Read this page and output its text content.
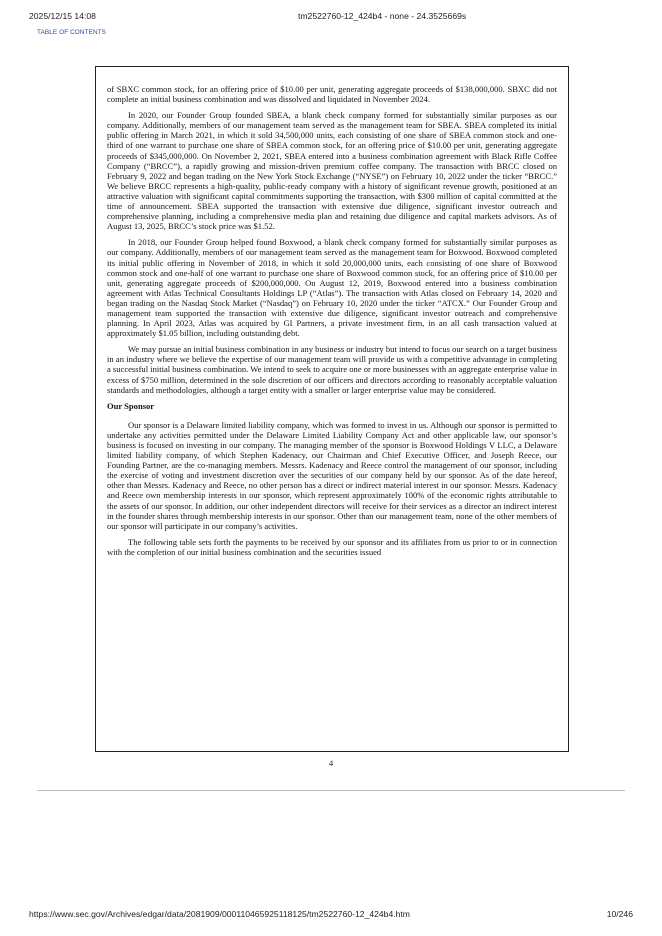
2025/12/15 14:08	tm2522760-12_424b4 - none - 24.3525669s
TABLE OF CONTENTS

of SBXC common stock, for an offering price of $10.00 per unit, generating aggregate proceeds of $138,000,000. SBXC did not complete an initial business combination and was dissolved and liquidated in November 2024.

In 2020, our Founder Group founded SBEA, a blank check company formed for substantially similar purposes as our company. Additionally, members of our management team served as the management team for SBEA. SBEA completed its initial public offering in March 2021, in which it sold 34,500,000 units, each consisting of one share of SBEA common stock and one-third of one warrant to purchase one share of SBEA common stock, for an offering price of $10.00 per unit, generating aggregate proceeds of $345,000,000. On November 2, 2021, SBEA entered into a business combination agreement with Black Rifle Coffee Company (“BRCC”), a rapidly growing and mission-driven premium coffee company. The transaction with BRCC closed on February 9, 2022 and began trading on the New York Stock Exchange (“NYSE”) on February 10, 2022 under the ticker “BRCC.” We believe BRCC represents a high-quality, public-ready company with a history of significant revenue growth, positioned at an attractive valuation with significant capital commitments supporting the transaction, with $300 million of capital committed at the time of announcement. SBEA supported the transaction with extensive due diligence, significant investor outreach and comprehensive planning, including a comprehensive media plan and retaining due diligence and capital markets advisors. As of August 13, 2025, BRCC’s stock price was $1.52.

In 2018, our Founder Group helped found Boxwood, a blank check company formed for substantially similar purposes as our company. Additionally, members of our management team served as the management team for Boxwood. Boxwood completed its initial public offering in November of 2018, in which it sold 20,000,000 units, each consisting of one share of Boxwood common stock and one-half of one warrant to purchase one share of Boxwood common stock, for an offering price of $10.00 per unit, generating aggregate proceeds of $200,000,000. On August 12, 2019, Boxwood entered into a business combination agreement with Atlas Technical Consultants Holdings LP (“Atlas”). The transaction with Atlas closed on February 14, 2020 and began trading on the Nasdaq Stock Market (“Nasdaq”) on February 10, 2020 under the ticker “ATCX.” Our Founder Group and management team supported the transaction with extensive due diligence, significant investor outreach and comprehensive planning. In April 2023, Atlas was acquired by GI Partners, a private investment firm, in an all cash transaction valued at approximately $1.05 billion, including outstanding debt.

We may pursue an initial business combination in any business or industry but intend to focus our search on a target business in an industry where we believe the expertise of our management team will provide us with a competitive advantage in completing a successful initial business combination. We intend to seek to acquire one or more businesses with an aggregate enterprise value in excess of $750 million, determined in the sole discretion of our officers and directors according to reasonably acceptable valuation standards and methodologies, although a target entity with a smaller or larger enterprise value may be considered.

Our Sponsor

Our sponsor is a Delaware limited liability company, which was formed to invest in us. Although our sponsor is permitted to undertake any activities permitted under the Delaware Limited Liability Company Act and other applicable law, our sponsor’s business is focused on investing in our company. The managing member of the sponsor is Boxwood Holdings V LLC, a Delaware limited liability company, of which Stephen Kadenacy, our Chairman and Chief Executive Officer, and Joseph Reece, our Founding Partner, are the co-managing members. Messrs. Kadenacy and Reece control the management of our sponsor, including the exercise of voting and investment discretion over the securities of our company held by our sponsor. As of the date hereof, other than Messrs. Kadenacy and Reece, no other person has a direct or indirect material interest in our sponsor. Messrs. Kadenacy and Reece own membership interests in our sponsor, which represent approximately 100% of the economic rights attributable to the assets of our sponsor. In addition, our other independent directors will receive for their services as a director an indirect interest in the founder shares through membership interests in our sponsor. Other than our management team, none of the other members of our sponsor will participate in our company’s activities.

The following table sets forth the payments to be received by our sponsor and its affiliates from us prior to or in connection with the completion of our initial business combination and the securities issued

4
https://www.sec.gov/Archives/edgar/data/2081909/000110465925118125/tm2522760-12_424b4.htm	10/246
